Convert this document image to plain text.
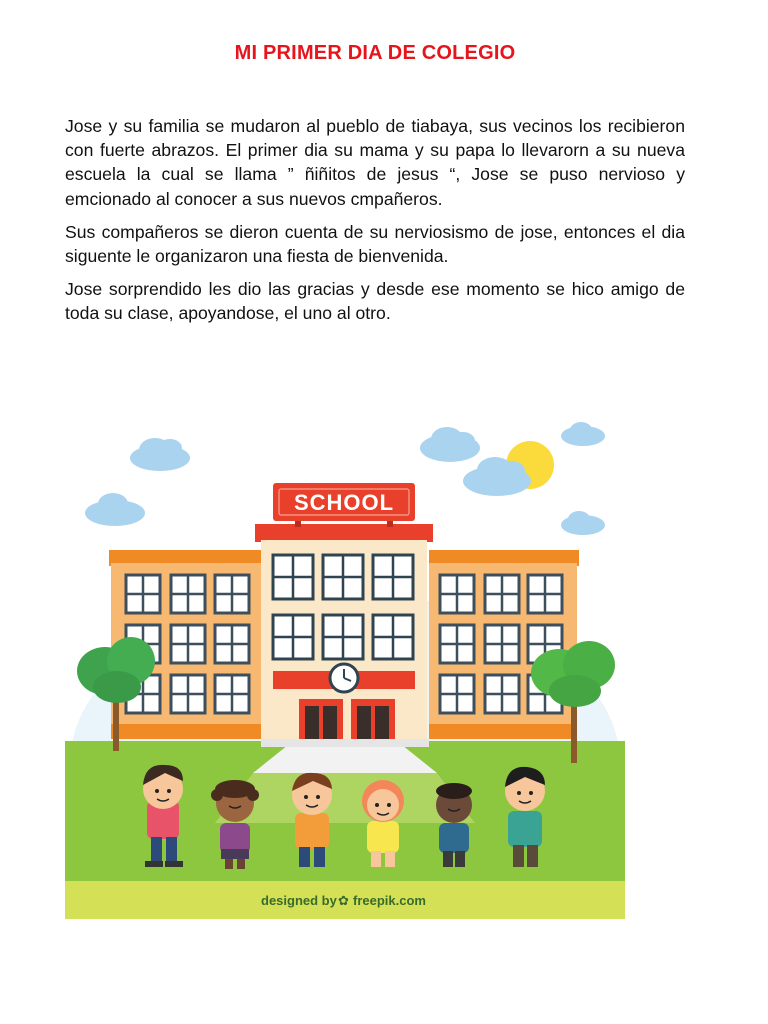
MI PRIMER DIA DE COLEGIO

Jose y su familia se mudaron al pueblo de tiabaya, sus vecinos los recibieron con fuerte abrazos. El primer dia su mama y su papa lo llevarorn a su nueva escuela la cual se llama ” ñiñitos de jesus “, Jose se puso nervioso y emcionado al conocer a sus nuevos cmpañeros.

Sus compañeros se dieron cuenta de su nerviosismo de jose, entonces el dia siguente le organizaron una fiesta de bienvenida.

Jose sorprendido les dio las gracias y desde ese momento se hico amigo de toda su clase, apoyandose, el uno al otro.

SCHOOL
designed by ✿ freepik.com
